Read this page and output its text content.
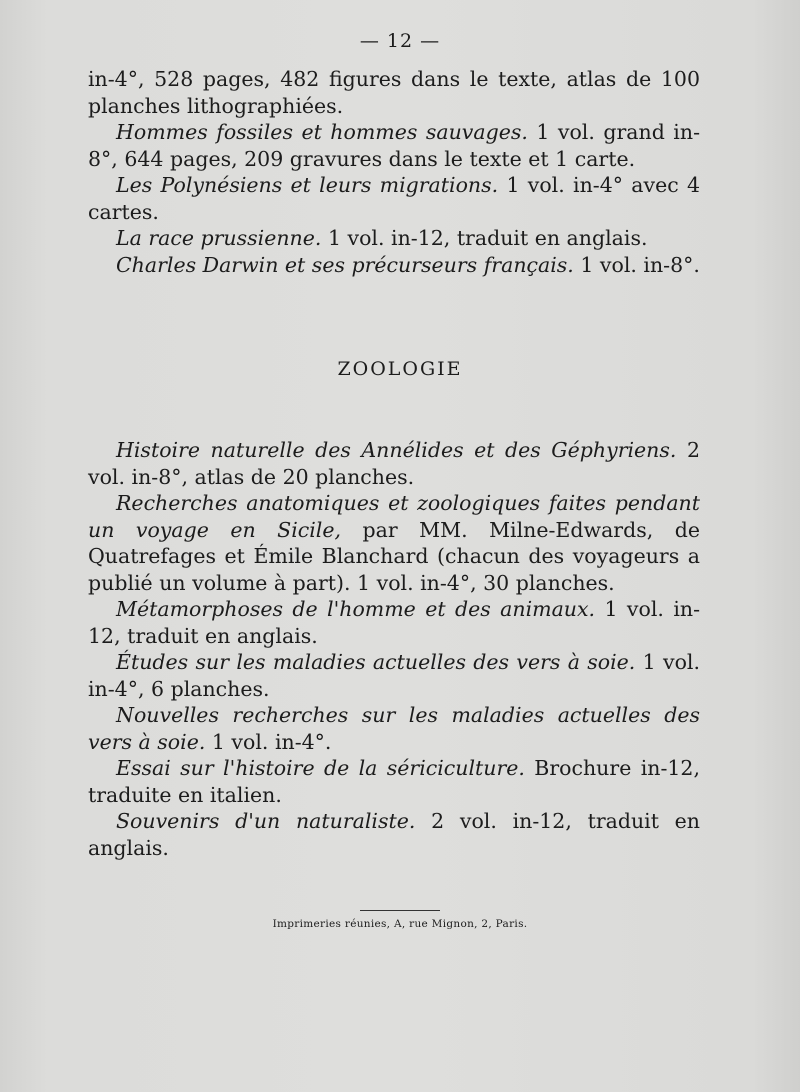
— 12 —

in-4°, 528 pages, 482 figures dans le texte, atlas de 100 planches lithographiées.

Hommes fossiles et hommes sauvages. 1 vol. grand in-8°, 644 pages, 209 gravures dans le texte et 1 carte.

Les Polynésiens et leurs migrations. 1 vol. in-4° avec 4 cartes.

La race prussienne. 1 vol. in-12, traduit en anglais.

Charles Darwin et ses précurseurs français. 1 vol. in-8°.

ZOOLOGIE

Histoire naturelle des Annélides et des Géphyriens. 2 vol. in-8°, atlas de 20 planches.

Recherches anatomiques et zoologiques faites pendant un voyage en Sicile, par MM. Milne-Edwards, de Quatrefages et Émile Blanchard (chacun des voyageurs a publié un volume à part). 1 vol. in-4°, 30 planches.

Métamorphoses de l'homme et des animaux. 1 vol. in-12, traduit en anglais.

Études sur les maladies actuelles des vers à soie. 1 vol. in-4°, 6 planches.

Nouvelles recherches sur les maladies actuelles des vers à soie. 1 vol. in-4°.

Essai sur l'histoire de la sériciculture. Brochure in-12, traduite en italien.

Souvenirs d'un naturaliste. 2 vol. in-12, traduit en anglais.

Imprimeries réunies, A, rue Mignon, 2, Paris.
